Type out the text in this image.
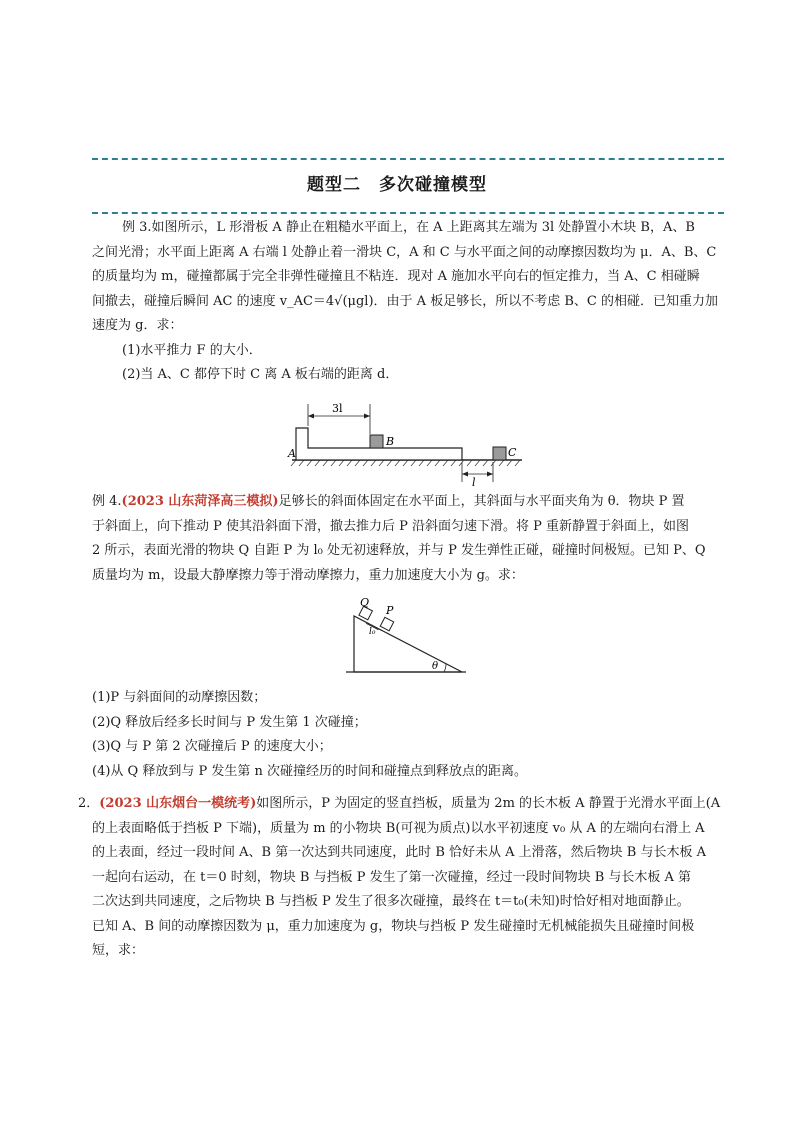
题型二　多次碰撞模型
例 3.如图所示，L 形滑板 A 静止在粗糙水平面上，在 A 上距离其左端为 3l 处静置小木块 B，A、B
之间光滑；水平面上距离 A 右端 l 处静止着一滑块 C，A 和 C 与水平面之间的动摩擦因数均为 μ．A、B、C
的质量均为 m，碰撞都属于完全非弹性碰撞且不粘连．现对 A 施加水平向右的恒定推力，当 A、C 相碰瞬
间撤去，碰撞后瞬间 AC 的速度 v_AC＝4√(μgl)．由于 A 板足够长，所以不考虑 B、C 的相碰．已知重力加
速度为 g．求：
(1)水平推力 F 的大小．
(2)当 A、C 都停下时 C 离 A 板右端的距离 d．
3l
l
A
B
C
例 4.(2023 山东菏泽高三模拟)足够长的斜面体固定在水平面上，其斜面与水平面夹角为 θ．物块 P 置
于斜面上，向下推动 P 使其沿斜面下滑，撤去推力后 P 沿斜面匀速下滑。将 P 重新静置于斜面上，如图
2 所示，表面光滑的物块 Q 自距 P 为 l₀ 处无初速释放，并与 P 发生弹性正碰，碰撞时间极短。已知 P、Q
质量均为 m，设最大静摩擦力等于滑动摩擦力，重力加速度大小为 g。求：
Q
P
l₀
θ
(1)P 与斜面间的动摩擦因数；
(2)Q 释放后经多长时间与 P 发生第 1 次碰撞；
(3)Q 与 P 第 2 次碰撞后 P 的速度大小；
(4)从 Q 释放到与 P 发生第 n 次碰撞经历的时间和碰撞点到释放点的距离。
2．(2023 山东烟台一模统考)如图所示，P 为固定的竖直挡板，质量为 2m 的长木板 A 静置于光滑水平面上(A
的上表面略低于挡板 P 下端)，质量为 m 的小物块 B(可视为质点)以水平初速度 v₀ 从 A 的左端向右滑上 A
的上表面，经过一段时间 A、B 第一次达到共同速度，此时 B 恰好未从 A 上滑落，然后物块 B 与长木板 A
一起向右运动，在 t＝0 时刻，物块 B 与挡板 P 发生了第一次碰撞，经过一段时间物块 B 与长木板 A 第
二次达到共同速度，之后物块 B 与挡板 P 发生了很多次碰撞，最终在 t＝t₀(未知)时恰好相对地面静止。
已知 A、B 间的动摩擦因数为 μ，重力加速度为 g，物块与挡板 P 发生碰撞时无机械能损失且碰撞时间极
短，求：
